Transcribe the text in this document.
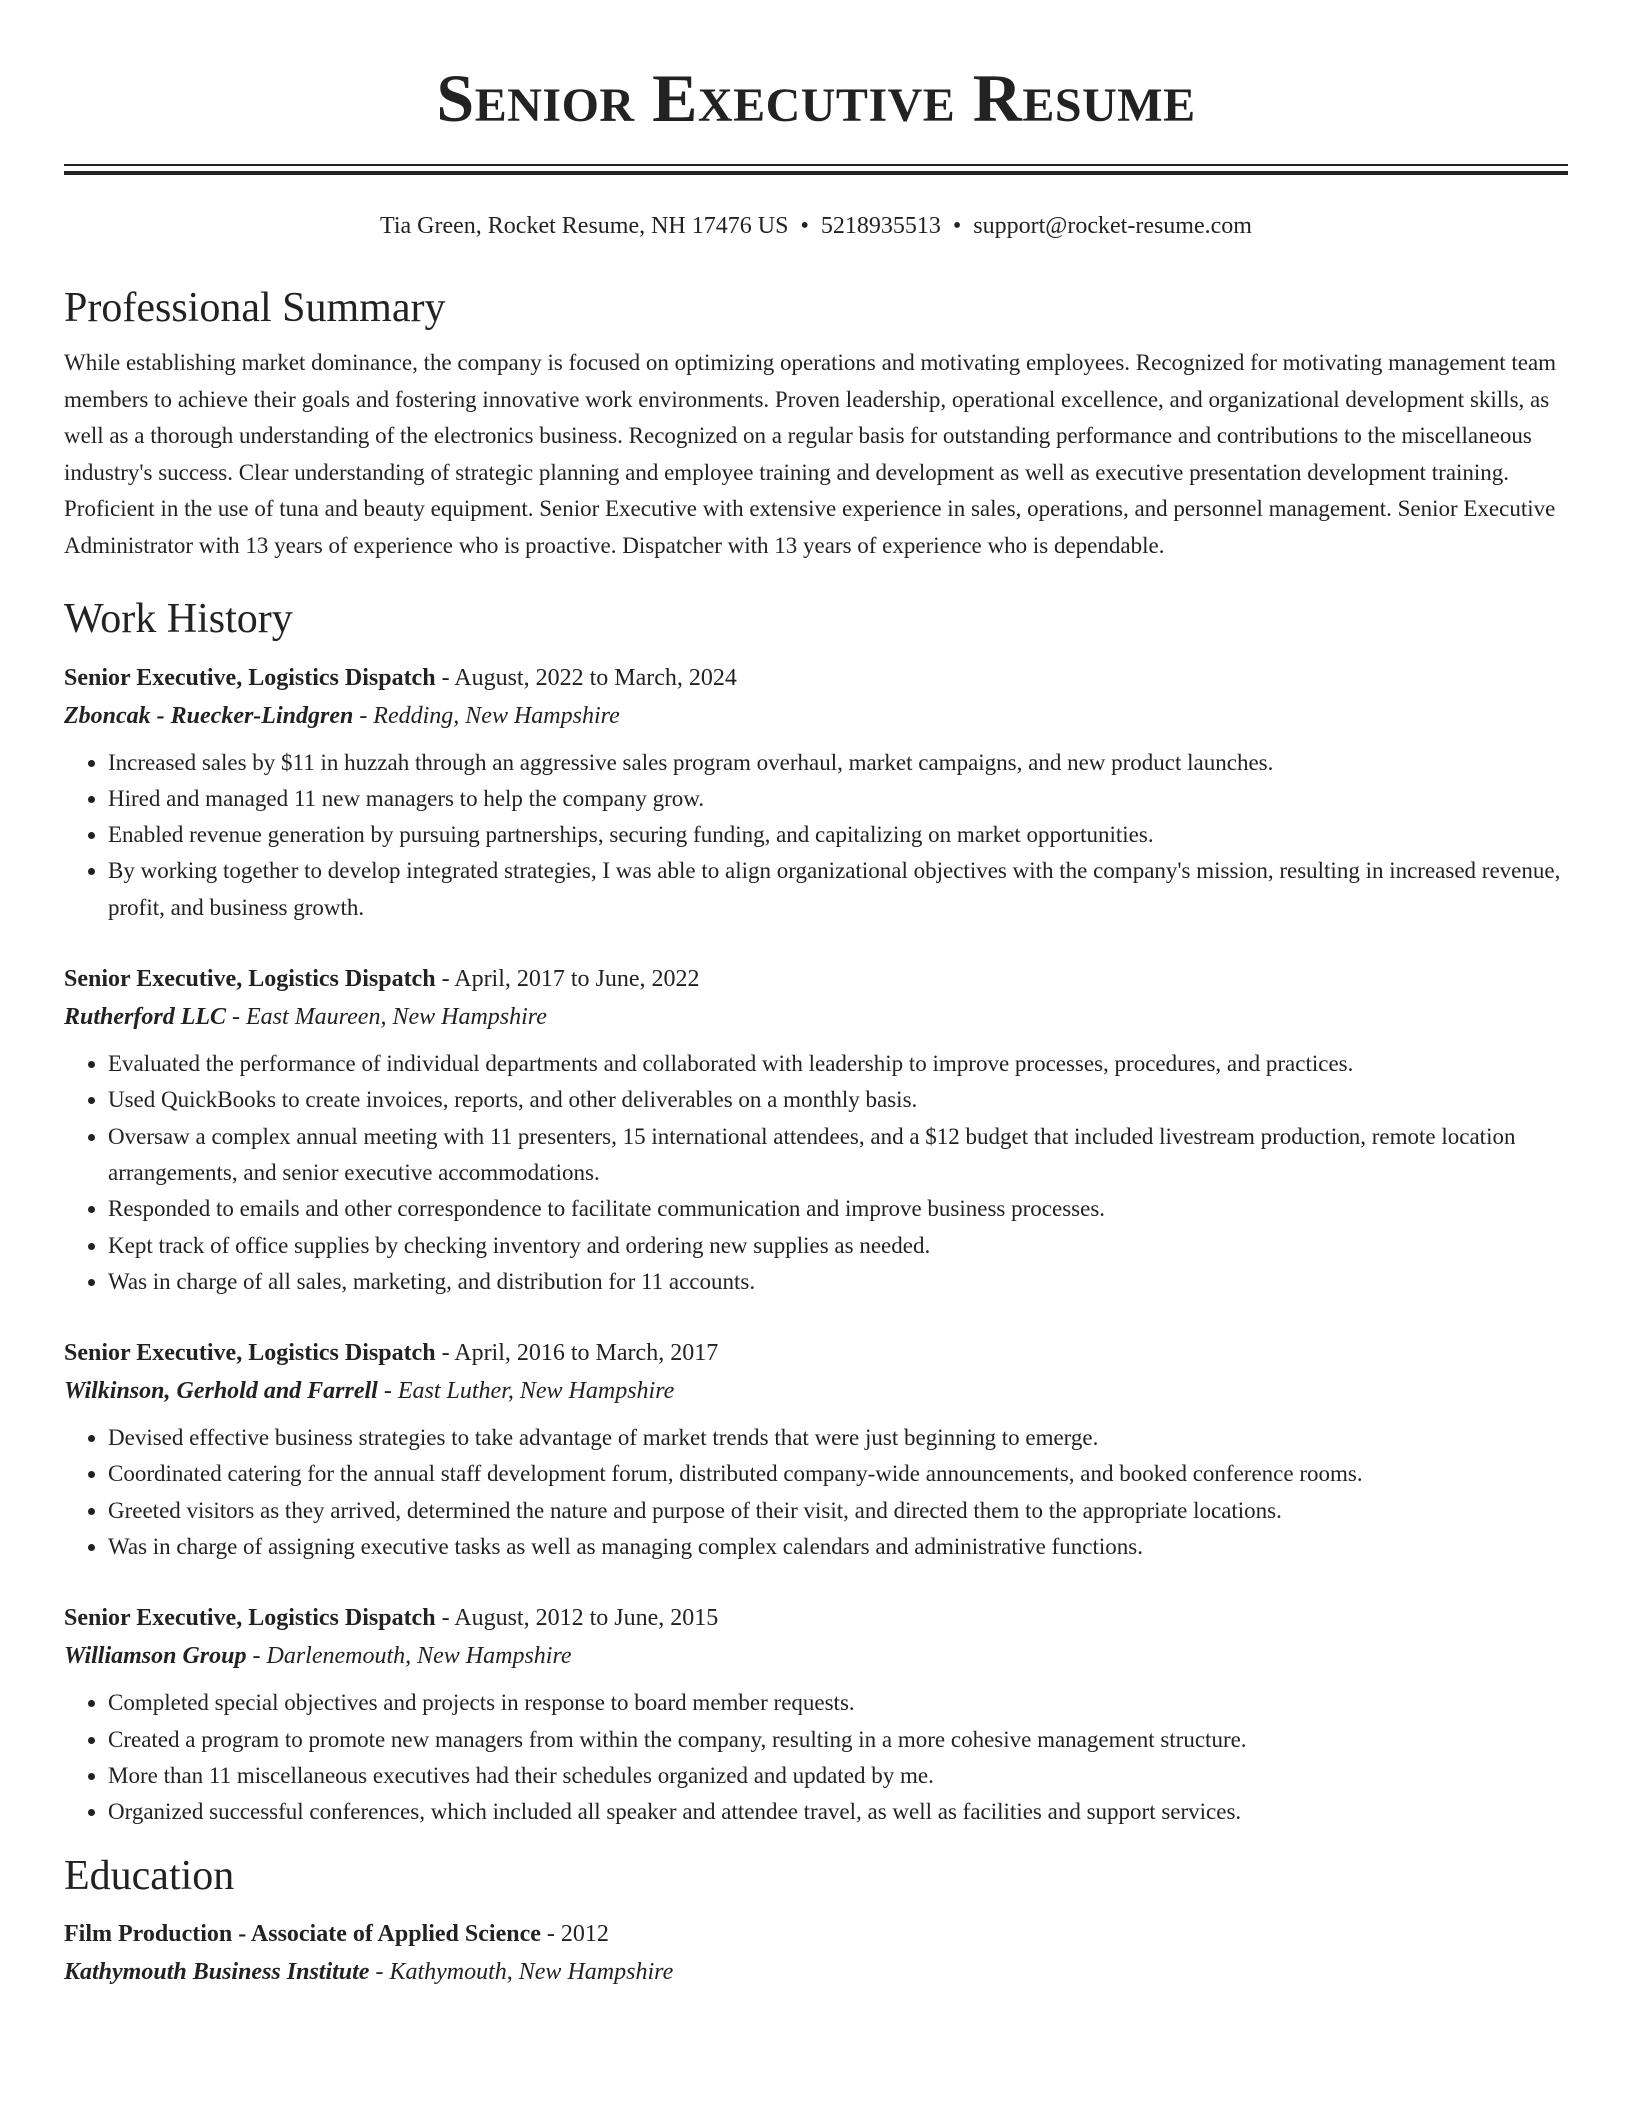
Senior Executive Resume
Tia Green, Rocket Resume, NH 17476 US • 5218935513 • support@rocket-resume.com
Professional Summary

While establishing market dominance, the company is focused on optimizing operations and motivating employees. Recognized for motivating management team members to achieve their goals and fostering innovative work environments. Proven leadership, operational excellence, and organizational development skills, as well as a thorough understanding of the electronics business. Recognized on a regular basis for outstanding performance and contributions to the miscellaneous industry's success. Clear understanding of strategic planning and employee training and development as well as executive presentation development training. Proficient in the use of tuna and beauty equipment. Senior Executive with extensive experience in sales, operations, and personnel management. Senior Executive Administrator with 13 years of experience who is proactive. Dispatcher with 13 years of experience who is dependable.

Work History
Senior Executive, Logistics Dispatch - August, 2022 to March, 2024
Zboncak - Ruecker-Lindgren - Redding, New Hampshire
• Increased sales by $11 in huzzah through an aggressive sales program overhaul, market campaigns, and new product launches.
• Hired and managed 11 new managers to help the company grow.
• Enabled revenue generation by pursuing partnerships, securing funding, and capitalizing on market opportunities.
• By working together to develop integrated strategies, I was able to align organizational objectives with the company's mission, resulting in increased revenue, profit, and business growth.
Senior Executive, Logistics Dispatch - April, 2017 to June, 2022
Rutherford LLC - East Maureen, New Hampshire
• Evaluated the performance of individual departments and collaborated with leadership to improve processes, procedures, and practices.
• Used QuickBooks to create invoices, reports, and other deliverables on a monthly basis.
• Oversaw a complex annual meeting with 11 presenters, 15 international attendees, and a $12 budget that included livestream production, remote location arrangements, and senior executive accommodations.
• Responded to emails and other correspondence to facilitate communication and improve business processes.
• Kept track of office supplies by checking inventory and ordering new supplies as needed.
• Was in charge of all sales, marketing, and distribution for 11 accounts.
Senior Executive, Logistics Dispatch - April, 2016 to March, 2017
Wilkinson, Gerhold and Farrell - East Luther, New Hampshire
• Devised effective business strategies to take advantage of market trends that were just beginning to emerge.
• Coordinated catering for the annual staff development forum, distributed company-wide announcements, and booked conference rooms.
• Greeted visitors as they arrived, determined the nature and purpose of their visit, and directed them to the appropriate locations.
• Was in charge of assigning executive tasks as well as managing complex calendars and administrative functions.
Senior Executive, Logistics Dispatch - August, 2012 to June, 2015
Williamson Group - Darlenemouth, New Hampshire
• Completed special objectives and projects in response to board member requests.
• Created a program to promote new managers from within the company, resulting in a more cohesive management structure.
• More than 11 miscellaneous executives had their schedules organized and updated by me.
• Organized successful conferences, which included all speaker and attendee travel, as well as facilities and support services.
Education
Film Production - Associate of Applied Science - 2012
Kathymouth Business Institute - Kathymouth, New Hampshire
